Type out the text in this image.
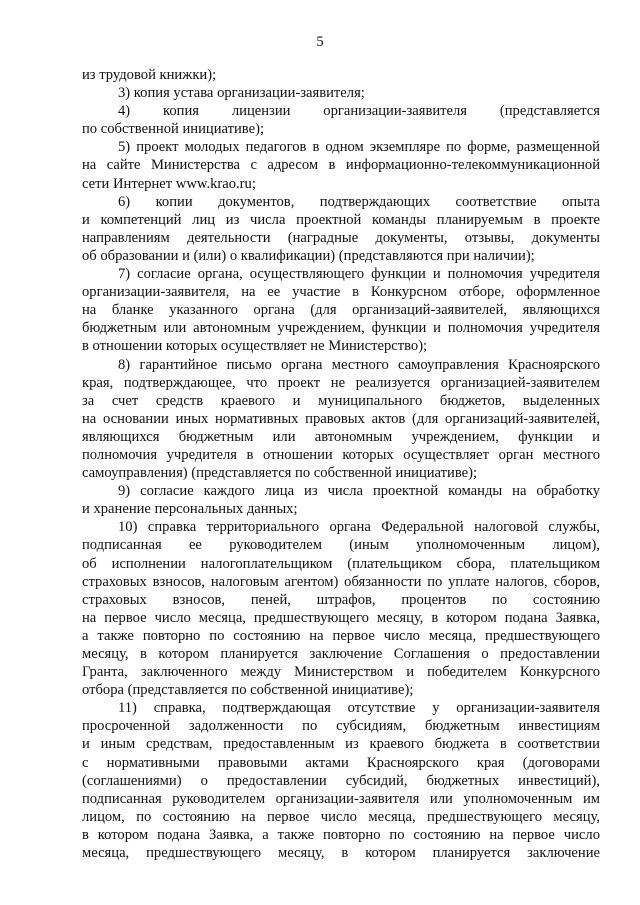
5
из трудовой книжки);
3) копия устава организации-заявителя;
4)     копия     лицензии     организации-заявителя     (представляется
по собственной инициативе);
5) проект молодых педагогов в одном экземпляре по форме, размещенной
на сайте Министерства с адресом в информационно-телекоммуникационной
сети Интернет www.krao.ru;
6)     копии     документов,     подтверждающих     соответствие     опыта
и компетенций лиц из числа проектной команды планируемым в проекте
направлениям деятельности (наградные документы, отзывы, документы
об образовании и (или) о квалификации) (представляются при наличии);
7) согласие органа, осуществляющего функции и полномочия учредителя
организации-заявителя, на ее участие в Конкурсном отборе, оформленное
на бланке указанного органа (для организаций-заявителей, являющихся
бюджетным или автономным учреждением, функции и полномочия учредителя
в отношении которых осуществляет не Министерство);
8) гарантийное письмо органа местного самоуправления Красноярского
края, подтверждающее, что проект не реализуется организацией-заявителем
за счет средств краевого и муниципального бюджетов, выделенных
на основании иных нормативных правовых актов (для организаций-заявителей,
являющихся бюджетным или автономным учреждением, функции и
полномочия учредителя в отношении которых осуществляет орган местного
самоуправления) (представляется по собственной инициативе);
9) согласие каждого лица из числа проектной команды на обработку
и хранение персональных данных;
10) справка территориального органа Федеральной налоговой службы,
подписанная ее руководителем (иным уполномоченным лицом),
об исполнении налогоплательщиком (плательщиком сбора, плательщиком
страховых взносов, налоговым агентом) обязанности по уплате налогов, сборов,
страховых взносов, пеней, штрафов, процентов по состоянию
на первое число месяца, предшествующего месяцу, в котором подана Заявка,
а также повторно по состоянию на первое число месяца, предшествующего
месяцу, в котором планируется заключение Соглашения о предоставлении
Гранта, заключенного между Министерством и победителем Конкурсного
отбора (представляется по собственной инициативе);
11) справка, подтверждающая отсутствие у организации-заявителя
просроченной задолженности по субсидиям, бюджетным инвестициям
и иным средствам, предоставленным из краевого бюджета в соответствии
с нормативными правовыми актами Красноярского края (договорами
(соглашениями) о предоставлении субсидий, бюджетных инвестиций),
подписанная руководителем организации-заявителя или уполномоченным им
лицом, по состоянию на первое число месяца, предшествующего месяцу,
в котором подана Заявка, а также повторно по состоянию на первое число
месяца, предшествующего месяцу, в котором планируется заключение
